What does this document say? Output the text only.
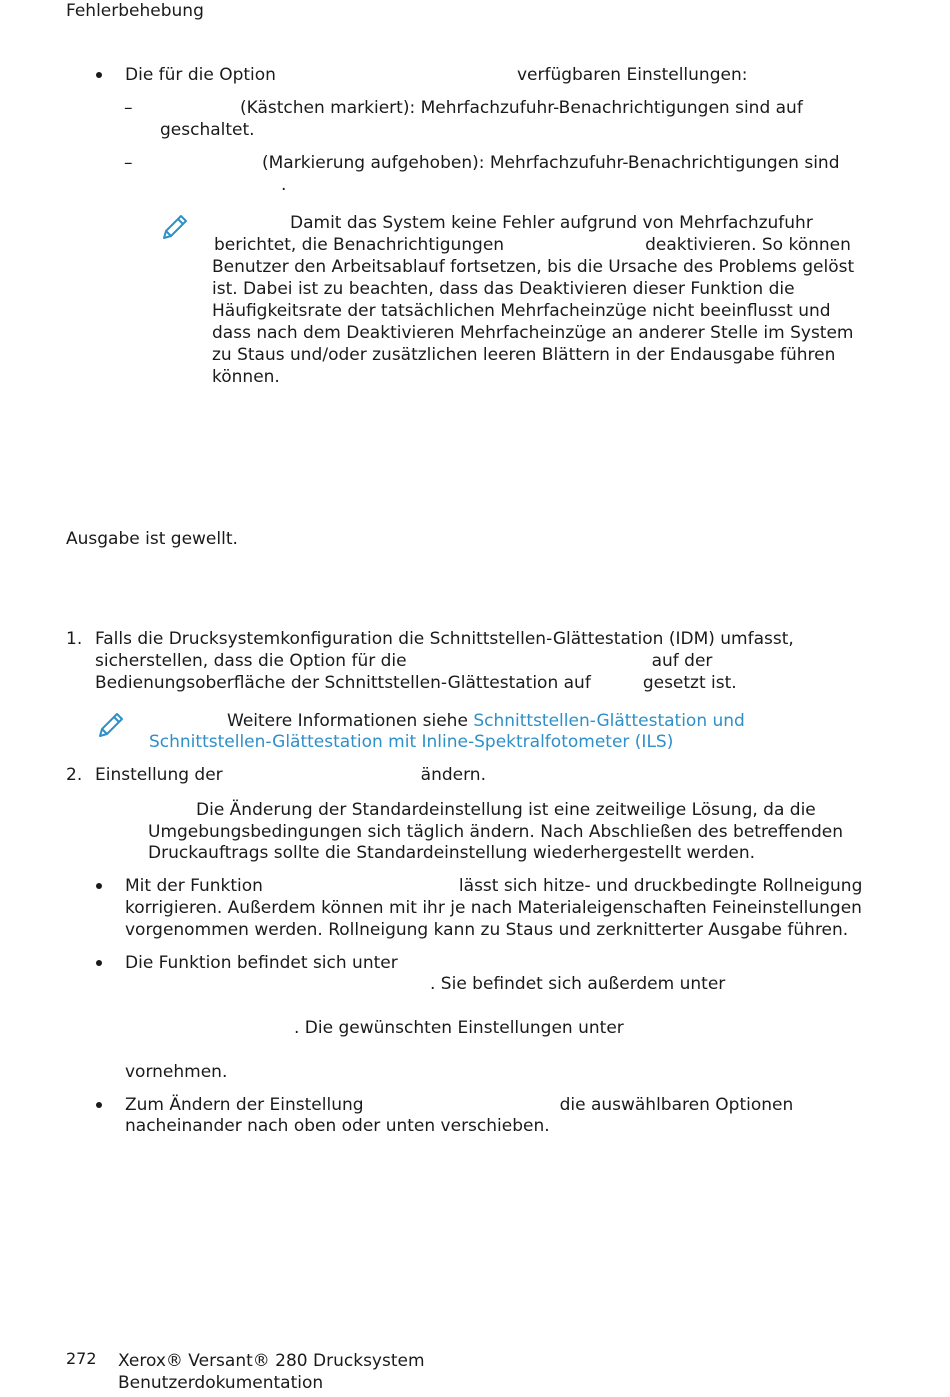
Fehlerbehebung
Die für die Option	verfügbaren Einstellungen:
–	(Kästchen markiert): Mehrfachzufuhr-Benachrichtigungen sind auf
geschaltet.
–	(Markierung aufgehoben): Mehrfachzufuhr-Benachrichtigungen sind
.
Damit das System keine Fehler aufgrund von Mehrfachzufuhr
berichtet, die Benachrichtigungen	deaktivieren. So können
Benutzer den Arbeitsablauf fortsetzen, bis die Ursache des Problems gelöst
ist. Dabei ist zu beachten, dass das Deaktivieren dieser Funktion die
Häufigkeitsrate der tatsächlichen Mehrfacheinzüge nicht beeinflusst und
dass nach dem Deaktivieren Mehrfacheinzüge an anderer Stelle im System
zu Staus und/oder zusätzlichen leeren Blättern in der Endausgabe führen
können.
Ausgabe ist gewellt.
1. Falls die Drucksystemkonfiguration die Schnittstellen-Glättestation (IDM) umfasst,
sicherstellen, dass die Option für die	auf der
Bedienungsoberfläche der Schnittstellen-Glättestation auf	gesetzt ist.
Weitere Informationen siehe Schnittstellen-Glättestation und
Schnittstellen-Glättestation mit Inline-Spektralfotometer (ILS)
2. Einstellung der	ändern.
Die Änderung der Standardeinstellung ist eine zeitweilige Lösung, da die
Umgebungsbedingungen sich täglich ändern. Nach Abschließen des betreffenden
Druckauftrags sollte die Standardeinstellung wiederhergestellt werden.
Mit der Funktion	lässt sich hitze- und druckbedingte Rollneigung
korrigieren. Außerdem können mit ihr je nach Materialeigenschaften Feineinstellungen
vorgenommen werden. Rollneigung kann zu Staus und zerknitterter Ausgabe führen.
Die Funktion befindet sich unter
. Sie befindet sich außerdem unter
. Die gewünschten Einstellungen unter
vornehmen.
Zum Ändern der Einstellung	die auswählbaren Optionen
nacheinander nach oben oder unten verschieben.
272 Xerox® Versant® 280 Drucksystem
Benutzerdokumentation
